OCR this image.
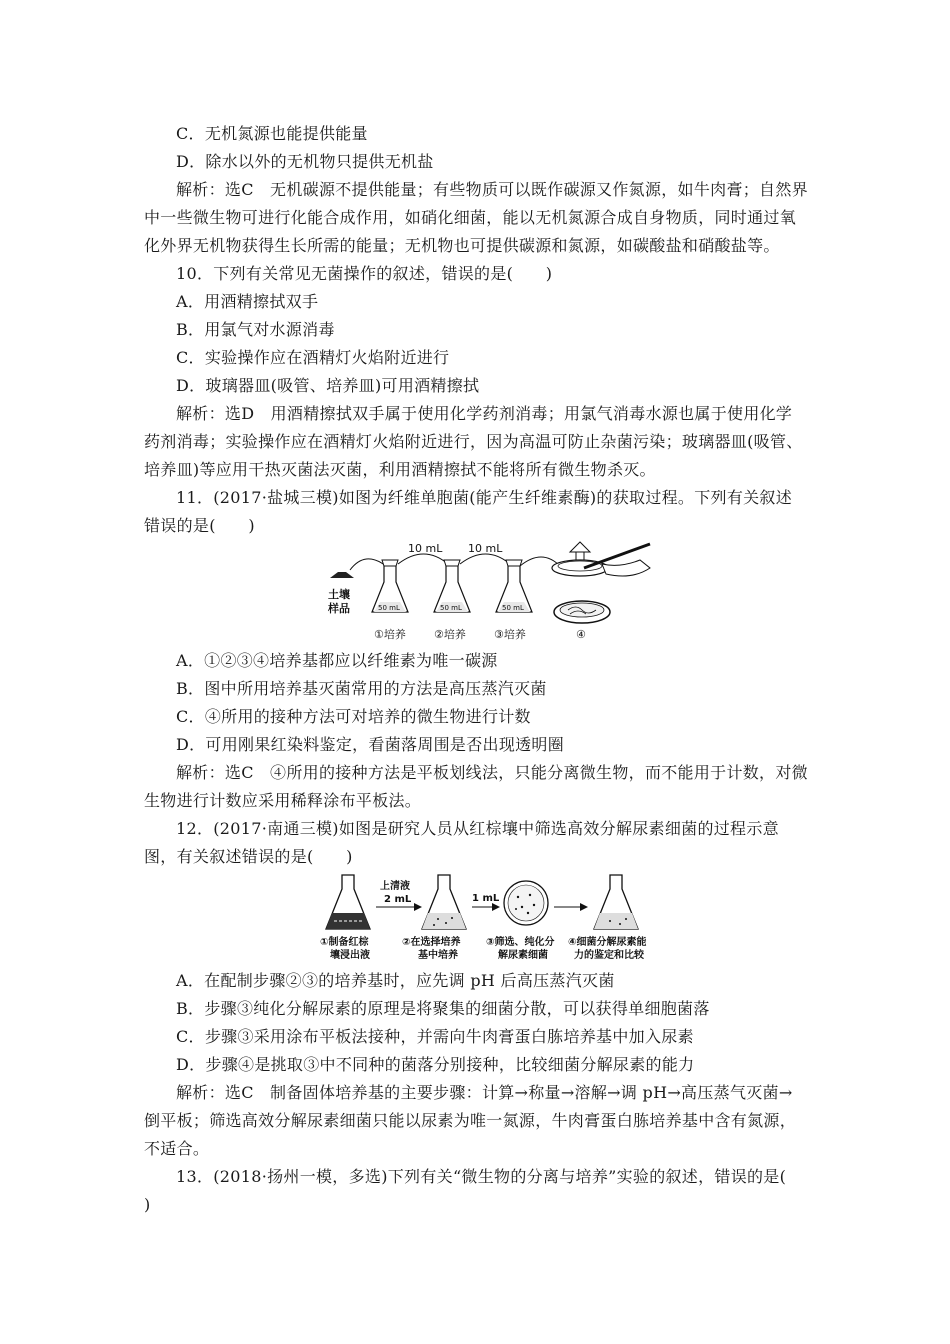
C．无机氮源也能提供能量
D．除水以外的无机物只提供无机盐
解析：选C　无机碳源不提供能量；有些物质可以既作碳源又作氮源，如牛肉膏；自然界
中一些微生物可进行化能合成作用，如硝化细菌，能以无机氮源合成自身物质，同时通过氧
化外界无机物获得生长所需的能量；无机物也可提供碳源和氮源，如碳酸盐和硝酸盐等。
10．下列有关常见无菌操作的叙述，错误的是(　　)
A．用酒精擦拭双手
B．用氯气对水源消毒
C．实验操作应在酒精灯火焰附近进行
D．玻璃器皿(吸管、培养皿)可用酒精擦拭
解析：选D　用酒精擦拭双手属于使用化学药剂消毒；用氯气消毒水源也属于使用化学
药剂消毒；实验操作应在酒精灯火焰附近进行，因为高温可防止杂菌污染；玻璃器皿(吸管、
培养皿)等应用干热灭菌法灭菌，利用酒精擦拭不能将所有微生物杀灭。
11．(2017·盐城三模)如图为纤维单胞菌(能产生纤维素酶)的获取过程。下列有关叙述
错误的是(　　)
土壤
样品
10 mL 10 mL
50 mL	50 mL	50 mL
①培养	②培养	③培养	④
A．①②③④培养基都应以纤维素为唯一碳源
B．图中所用培养基灭菌常用的方法是高压蒸汽灭菌
C．④所用的接种方法可对培养的微生物进行计数
D．可用刚果红染料鉴定，看菌落周围是否出现透明圈
解析：选C　④所用的接种方法是平板划线法，只能分离微生物，而不能用于计数，对微
生物进行计数应采用稀释涂布平板法。
12．(2017·南通三模)如图是研究人员从红棕壤中筛选高效分解尿素细菌的过程示意
图，有关叙述错误的是(　　)
上清液
2 mL	1 mL
①制备红棕
壤浸出液
②在选择培养
基中培养
③筛选、纯化分
解尿素细菌
④细菌分解尿素能
力的鉴定和比较
A．在配制步骤②③的培养基时，应先调 pH 后高压蒸汽灭菌
B．步骤③纯化分解尿素的原理是将聚集的细菌分散，可以获得单细胞菌落
C．步骤③采用涂布平板法接种，并需向牛肉膏蛋白胨培养基中加入尿素
D．步骤④是挑取③中不同种的菌落分别接种，比较细菌分解尿素的能力
解析：选C　制备固体培养基的主要步骤：计算→称量→溶解→调 pH→高压蒸气灭菌→
倒平板；筛选高效分解尿素细菌只能以尿素为唯一氮源，牛肉膏蛋白胨培养基中含有氮源，
不适合。
13．(2018·扬州一模，多选)下列有关“微生物的分离与培养”实验的叙述，错误的是(
)
